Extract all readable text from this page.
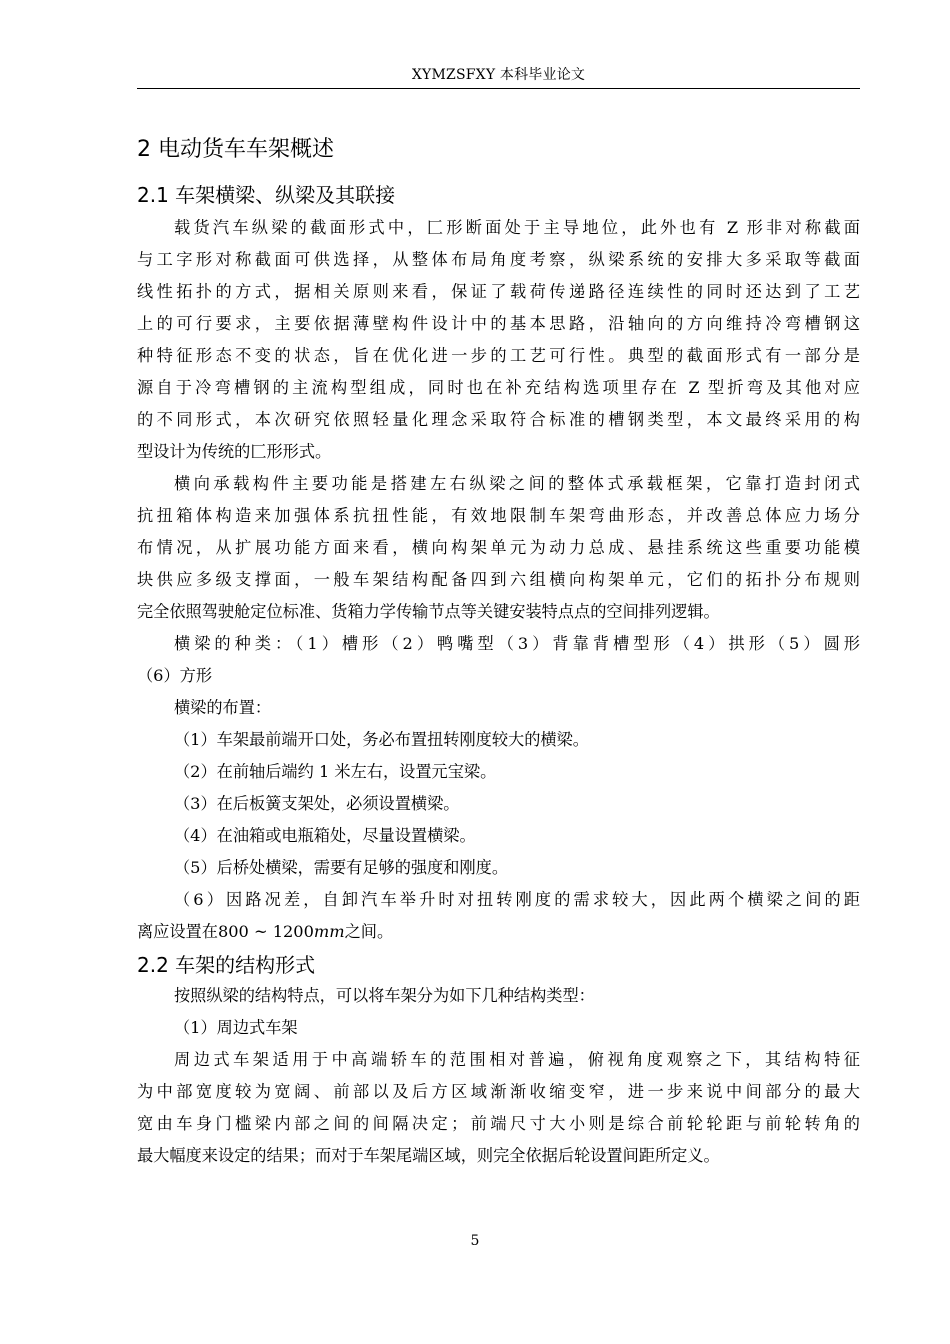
XYMZSFXY 本科毕业论文
2 电动货车车架概述
2.1 车架横梁、纵梁及其联接
载货汽车纵梁的截面形式中，匚形断面处于主导地位，此外也有 Z 形非对称截面
与工字形对称截面可供选择，从整体布局角度考察，纵梁系统的安排大多采取等截面
线性拓扑的方式，据相关原则来看，保证了载荷传递路径连续性的同时还达到了工艺
上的可行要求，主要依据薄壁构件设计中的基本思路，沿轴向的方向维持冷弯槽钢这
种特征形态不变的状态，旨在优化进一步的工艺可行性。典型的截面形式有一部分是
源自于冷弯槽钢的主流构型组成，同时也在补充结构选项里存在 Z 型折弯及其他对应
的不同形式，本次研究依照轻量化理念采取符合标准的槽钢类型，本文最终采用的构
型设计为传统的匚形形式。
横向承载构件主要功能是搭建左右纵梁之间的整体式承载框架，它靠打造封闭式
抗扭箱体构造来加强体系抗扭性能，有效地限制车架弯曲形态，并改善总体应力场分
布情况，从扩展功能方面来看，横向构架单元为动力总成、悬挂系统这些重要功能模
块供应多级支撑面，一般车架结构配备四到六组横向构架单元，它们的拓扑分布规则
完全依照驾驶舱定位标准、货箱力学传输节点等关键安装特点点的空间排列逻辑。
横梁的种类：（1）槽形（2）鸭嘴型（3）背靠背槽型形（4）拱形（5）圆形
（6）方形
横梁的布置：
（1）车架最前端开口处，务必布置扭转刚度较大的横梁。
（2）在前轴后端约 1 米左右，设置元宝梁。
（3）在后板簧支架处，必须设置横梁。
（4）在油箱或电瓶箱处，尽量设置横梁。
（5）后桥处横梁，需要有足够的强度和刚度。
（6）因路况差，自卸汽车举升时对扭转刚度的需求较大，因此两个横梁之间的距
离应设置在800 ~ 1200mm之间。
2.2 车架的结构形式
按照纵梁的结构特点，可以将车架分为如下几种结构类型：
（1）周边式车架
周边式车架适用于中高端轿车的范围相对普遍，俯视角度观察之下，其结构特征
为中部宽度较为宽阔、前部以及后方区域渐渐收缩变窄，进一步来说中间部分的最大
宽由车身门槛梁内部之间的间隔决定；前端尺寸大小则是综合前轮轮距与前轮转角的
最大幅度来设定的结果；而对于车架尾端区域，则完全依据后轮设置间距所定义。
5
